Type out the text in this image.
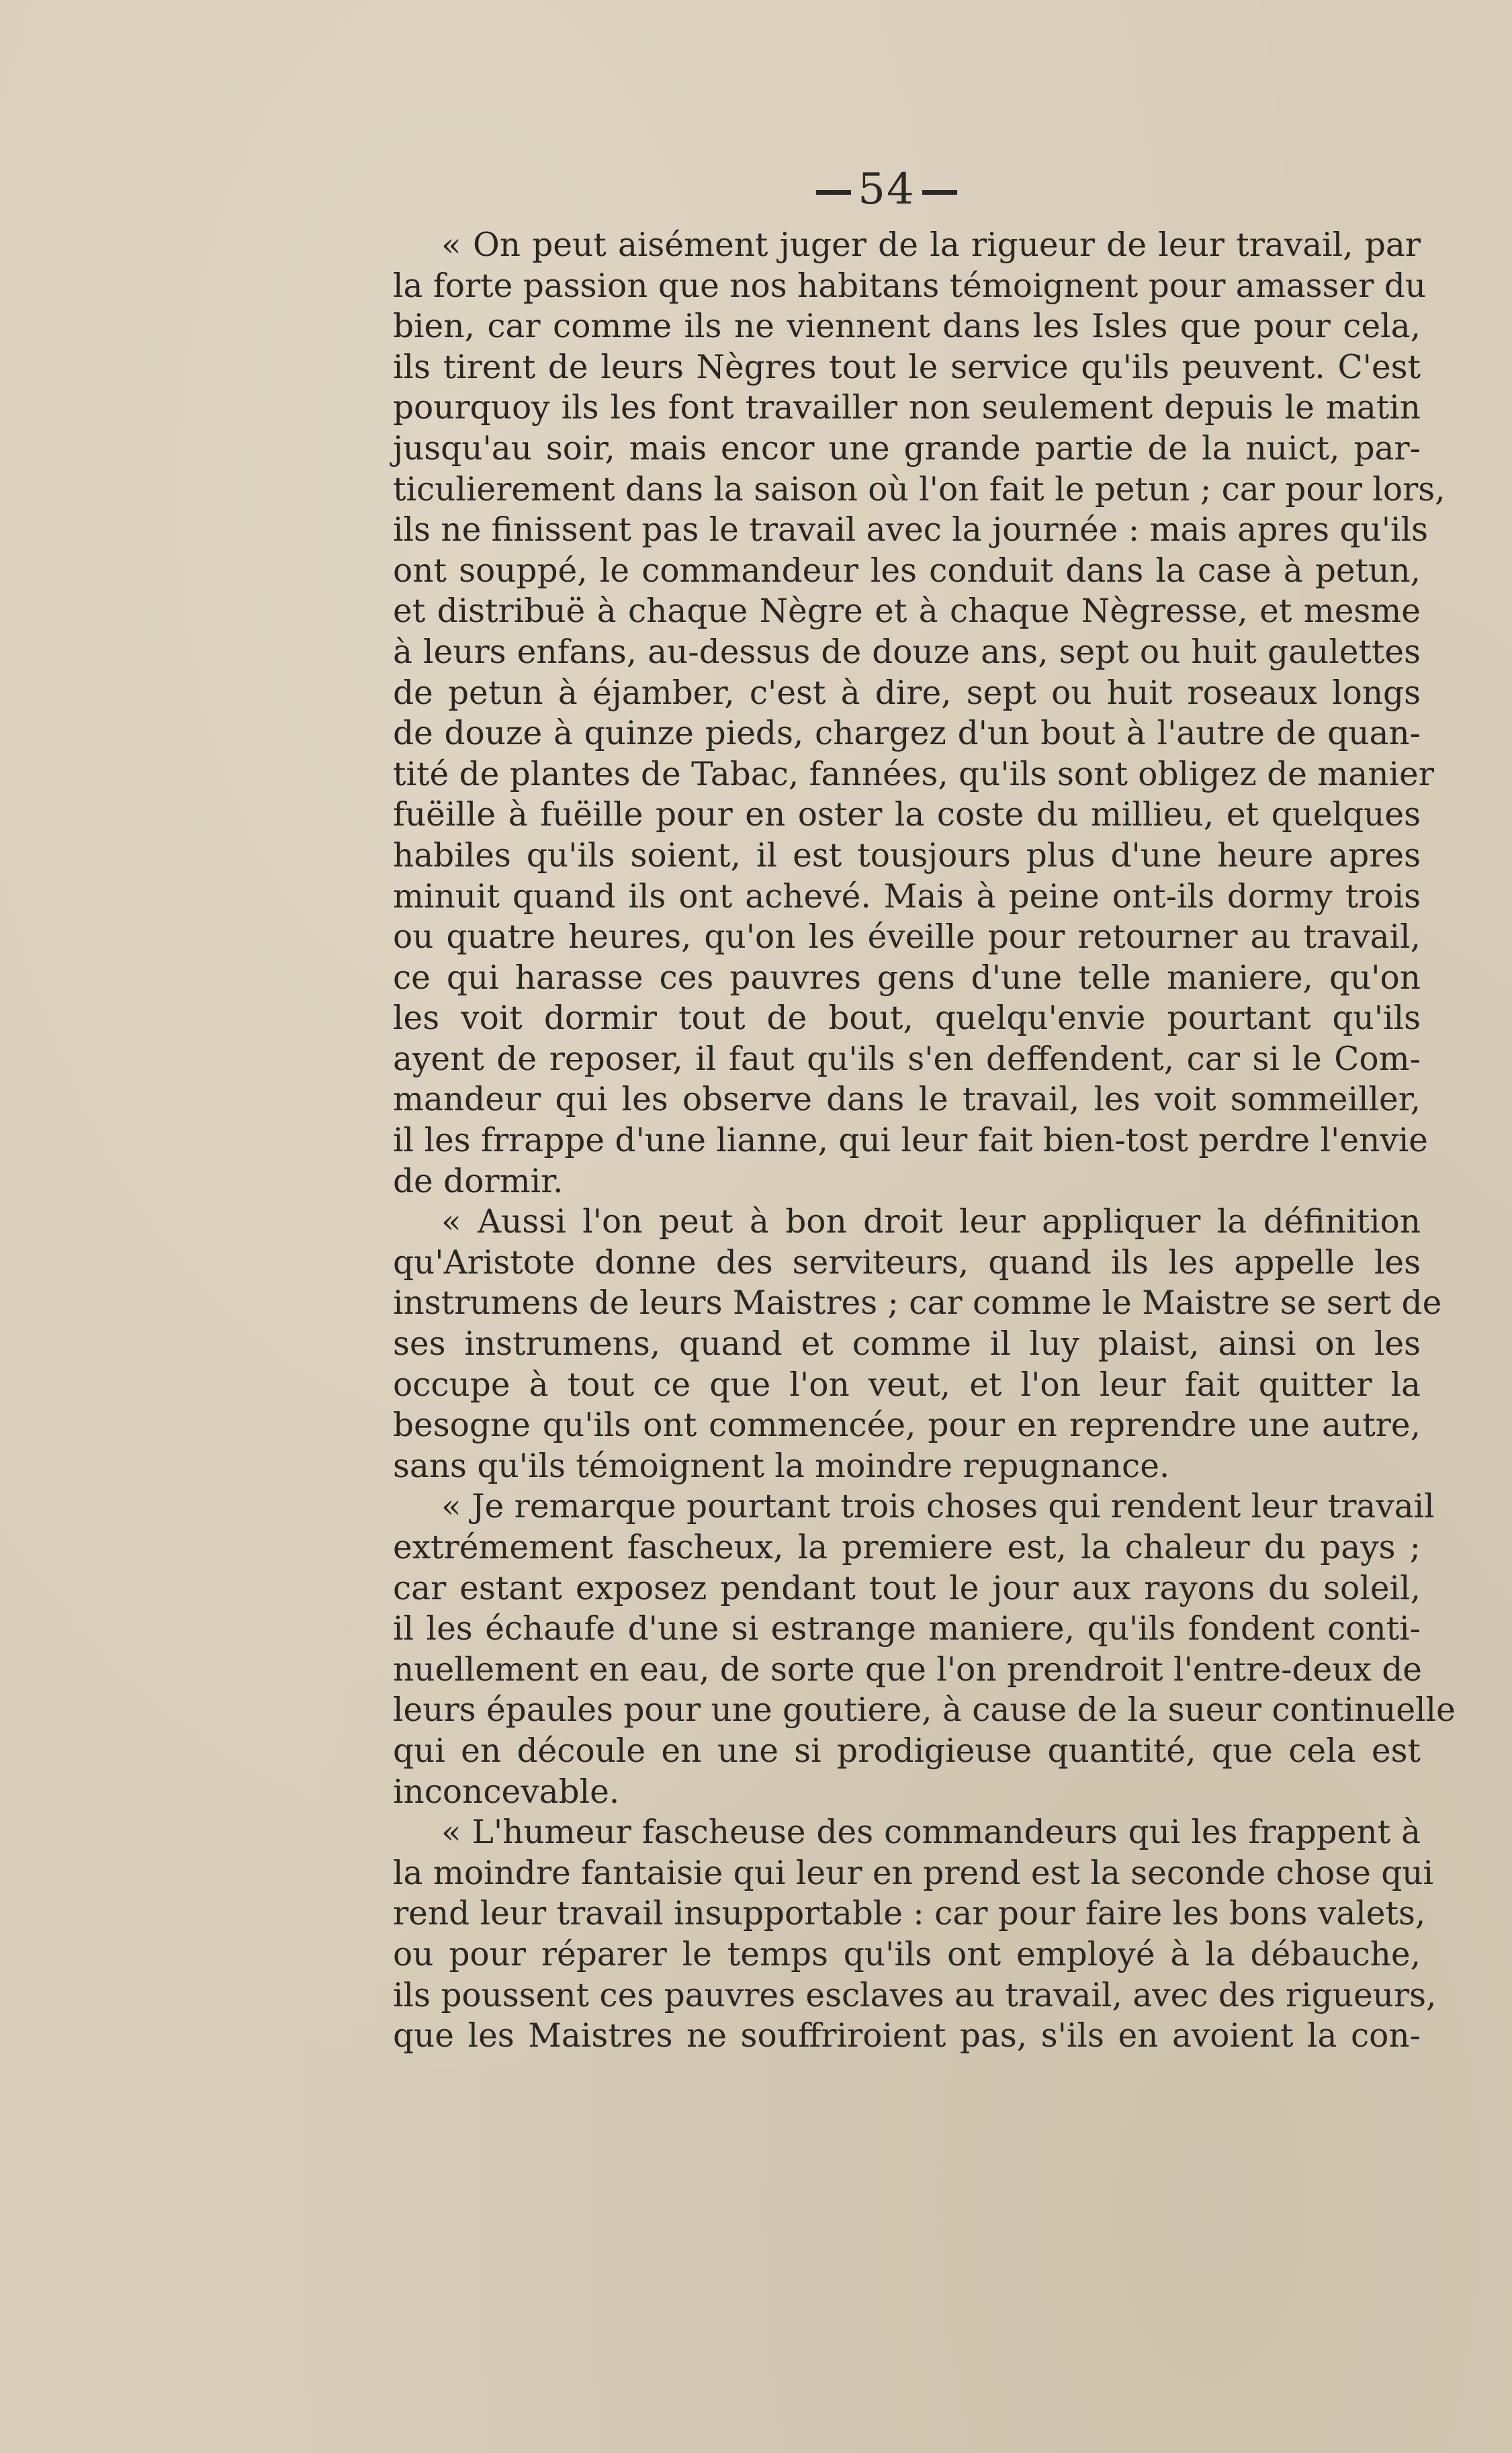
54
« On peut aisément juger de la rigueur de leur travail, par
la forte passion que nos habitans témoignent pour amasser du
bien, car comme ils ne viennent dans les Isles que pour cela,
ils tirent de leurs Nègres tout le service qu'ils peuvent. C'est
pourquoy ils les font travailler non seulement depuis le matin
jusqu'au soir, mais encor une grande partie de la nuict, par-
ticulierement dans la saison où l'on fait le petun ; car pour lors,
ils ne finissent pas le travail avec la journée : mais apres qu'ils
ont souppé, le commandeur les conduit dans la case à petun,
et distribuë à chaque Nègre et à chaque Nègresse, et mesme
à leurs enfans, au-dessus de douze ans, sept ou huit gaulettes
de petun à éjamber, c'est à dire, sept ou huit roseaux longs
de douze à quinze pieds, chargez d'un bout à l'autre de quan-
tité de plantes de Tabac, fannées, qu'ils sont obligez de manier
fuëille à fuëille pour en oster la coste du millieu, et quelques
habiles qu'ils soient, il est tousjours plus d'une heure apres
minuit quand ils ont achevé. Mais à peine ont-ils dormy trois
ou quatre heures, qu'on les éveille pour retourner au travail,
ce qui harasse ces pauvres gens d'une telle maniere, qu'on
les voit dormir tout de bout, quelqu'envie pourtant qu'ils
ayent de reposer, il faut qu'ils s'en deffendent, car si le Com-
mandeur qui les observe dans le travail, les voit sommeiller,
il les frrappe d'une lianne, qui leur fait bien-tost perdre l'envie
de dormir.
« Aussi l'on peut à bon droit leur appliquer la définition
qu'Aristote donne des serviteurs, quand ils les appelle les
instrumens de leurs Maistres ; car comme le Maistre se sert de
ses instrumens, quand et comme il luy plaist, ainsi on les
occupe à tout ce que l'on veut, et l'on leur fait quitter la
besogne qu'ils ont commencée, pour en reprendre une autre,
sans qu'ils témoignent la moindre repugnance.
« Je remarque pourtant trois choses qui rendent leur travail
extrémement fascheux, la premiere est, la chaleur du pays ;
car estant exposez pendant tout le jour aux rayons du soleil,
il les échaufe d'une si estrange maniere, qu'ils fondent conti-
nuellement en eau, de sorte que l'on prendroit l'entre-deux de
leurs épaules pour une goutiere, à cause de la sueur continuelle
qui en découle en une si prodigieuse quantité, que cela est
inconcevable.
« L'humeur fascheuse des commandeurs qui les frappent à
la moindre fantaisie qui leur en prend est la seconde chose qui
rend leur travail insupportable : car pour faire les bons valets,
ou pour réparer le temps qu'ils ont employé à la débauche,
ils poussent ces pauvres esclaves au travail, avec des rigueurs,
que les Maistres ne souffriroient pas, s'ils en avoient la con-
